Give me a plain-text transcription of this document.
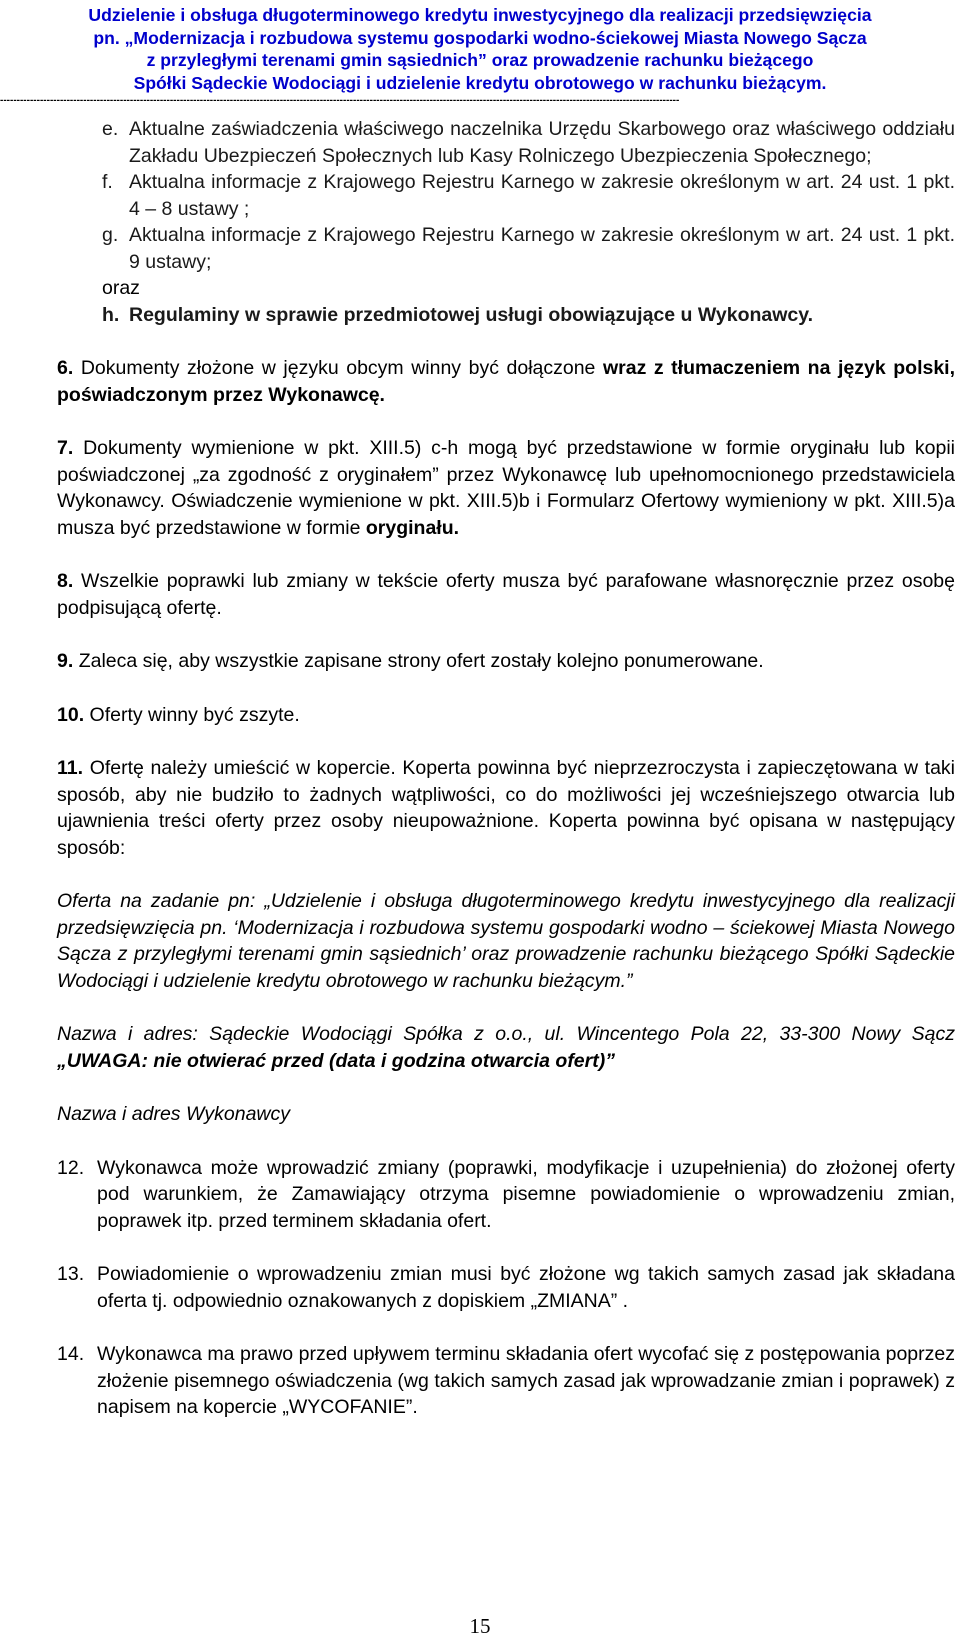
Udzielenie i obsługa długoterminowego kredytu inwestycyjnego dla realizacji przedsięwzięcia
pn. „Modernizacja i rozbudowa systemu gospodarki wodno-ściekowej Miasta Nowego Sącza
z przyległymi terenami gmin sąsiednich” oraz prowadzenie rachunku bieżącego
Spółki Sądeckie Wodociągi i udzielenie kredytu obrotowego w rachunku bieżącym.
------------------------------------------------------------------------------------------------------------------------------------------------------------------------------------------------------------
e. Aktualne zaświadczenia właściwego naczelnika Urzędu Skarbowego oraz właściwego oddziału Zakładu Ubezpieczeń Społecznych lub Kasy Rolniczego Ubezpieczenia Społecznego;
f. Aktualna informacje z Krajowego Rejestru Karnego w zakresie określonym w art. 24 ust. 1 pkt. 4 – 8 ustawy ;
g. Aktualna informacje z Krajowego Rejestru Karnego w zakresie określonym w art. 24 ust. 1 pkt. 9 ustawy;
oraz
h. Regulaminy w sprawie przedmiotowej usługi obowiązujące u Wykonawcy.
6. Dokumenty złożone w języku obcym winny być dołączone wraz z tłumaczeniem na język polski, poświadczonym przez Wykonawcę.
7. Dokumenty wymienione w pkt. XIII.5) c-h mogą być przedstawione w formie oryginału lub kopii poświadczonej „za zgodność z oryginałem” przez Wykonawcę lub upełnomocnionego przedstawiciela Wykonawcy. Oświadczenie wymienione w pkt. XIII.5)b i Formularz Ofertowy wymieniony w pkt. XIII.5)a musza być przedstawione w formie oryginału.
8. Wszelkie poprawki lub zmiany w tekście oferty musza być parafowane własnoręcznie przez osobę podpisującą ofertę.
9. Zaleca się, aby wszystkie zapisane strony ofert zostały kolejno ponumerowane.
10. Oferty winny być zszyte.
11. Ofertę należy umieścić w kopercie. Koperta powinna być nieprzezroczysta i zapieczętowana w taki sposób, aby nie budziło to żadnych wątpliwości, co do możliwości jej wcześniejszego otwarcia lub ujawnienia treści oferty przez osoby nieupoważnione. Koperta powinna być opisana w następujący sposób:
Oferta na zadanie pn: „Udzielenie i obsługa długoterminowego kredytu inwestycyjnego dla realizacji przedsięwzięcia pn. ‘Modernizacja i rozbudowa systemu gospodarki wodno – ściekowej Miasta Nowego Sącza z przyległymi terenami gmin sąsiednich’ oraz prowadzenie rachunku bieżącego Spółki Sądeckie Wodociągi i udzielenie kredytu obrotowego w rachunku bieżącym.”
Nazwa i adres: Sądeckie Wodociągi Spółka z o.o., ul. Wincentego Pola 22, 33-300 Nowy Sącz „UWAGA: nie otwierać przed (data i godzina otwarcia ofert)”
Nazwa i adres Wykonawcy
12. Wykonawca może wprowadzić zmiany (poprawki, modyfikacje i uzupełnienia) do złożonej oferty pod warunkiem, że Zamawiający otrzyma pisemne powiadomienie o wprowadzeniu zmian, poprawek itp. przed terminem składania ofert.
13. Powiadomienie o wprowadzeniu zmian musi być złożone wg takich samych zasad jak składana oferta tj. odpowiednio oznakowanych z dopiskiem „ZMIANA” .
14. Wykonawca ma prawo przed upływem terminu składania ofert wycofać się z postępowania poprzez złożenie pisemnego oświadczenia (wg takich samych zasad jak wprowadzanie zmian i poprawek) z napisem na kopercie „WYCOFANIE”.
15
